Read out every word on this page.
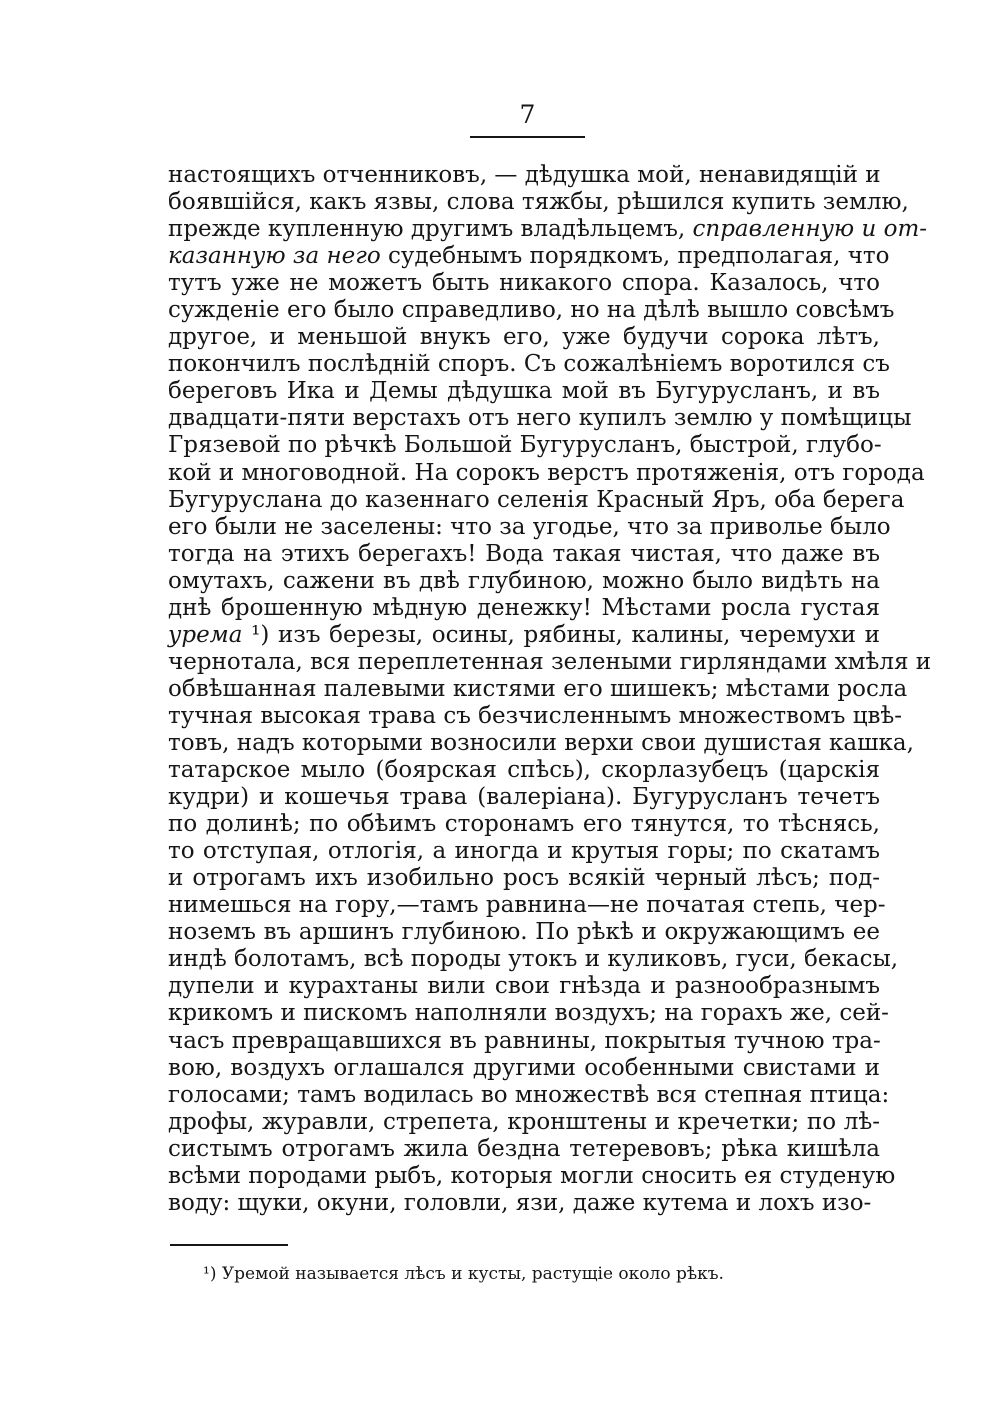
7
настоящихъ отченниковъ, — дѣдушка мой, ненавидящій и
боявшійся, какъ язвы, слова тяжбы, рѣшился купить землю,
прежде купленную другимъ владѣльцемъ, справленную и от-
казанную за него судебнымъ порядкомъ, предполагая, что
тутъ уже не можетъ быть никакого спора. Казалось, что
сужденіе его было справедливо, но на дѣлѣ вышло совсѣмъ
другое, и меньшой внукъ его, уже будучи сорока лѣтъ,
покончилъ послѣдній споръ. Съ сожалѣніемъ воротился съ
береговъ Ика и Демы дѣдушка мой въ Бугурусланъ, и въ
двадцати-пяти верстахъ отъ него купилъ землю у помѣщицы
Грязевой по рѣчкѣ Большой Бугурусланъ, быстрой, глубо-
кой и многоводной. На сорокъ верстъ протяженія, отъ города
Бугуруслана до казеннаго селенія Красный Яръ, оба берега
его были не заселены: что за угодье, что за приволье было
тогда на этихъ берегахъ! Вода такая чистая, что даже въ
омутахъ, сажени въ двѣ глубиною, можно было видѣть на
днѣ брошенную мѣдную денежку! Мѣстами росла густая
урема ¹) изъ березы, осины, рябины, калины, черемухи и
чернотала, вся переплетенная зелеными гирляндами хмѣля и
обвѣшанная палевыми кистями его шишекъ; мѣстами росла
тучная высокая трава съ безчисленнымъ множествомъ цвѣ-
товъ, надъ которыми возносили верхи свои душистая кашка,
татарское мыло (боярская спѣсь), скорлазубецъ (царскія
кудри) и кошечья трава (валеріана). Бугурусланъ течетъ
по долинѣ; по обѣимъ сторонамъ его тянутся, то тѣснясь,
то отступая, отлогія, а иногда и крутыя горы; по скатамъ
и отрогамъ ихъ изобильно росъ всякій черный лѣсъ; под-
нимешься на гору,—тамъ равнина—не початая степь, чер-
ноземъ въ аршинъ глубиною. По рѣкѣ и окружающимъ ее
индѣ болотамъ, всѣ породы утокъ и куликовъ, гуси, бекасы,
дупели и курахтаны вили свои гнѣзда и разнообразнымъ
крикомъ и пискомъ наполняли воздухъ; на горахъ же, сей-
часъ превращавшихся въ равнины, покрытыя тучною тра-
вою, воздухъ оглашался другими особенными свистами и
голосами; тамъ водилась во множествѣ вся степная птица:
дрофы, журавли, стрепета, кронштены и кречетки; по лѣ-
систымъ отрогамъ жила бездна тетеревовъ; рѣка кишѣла
всѣми породами рыбъ, которыя могли сносить ея студеную
воду: щуки, окуни, головли, язи, даже кутема и лохъ изо-
¹) Уремой называется лѣсъ и кусты, растущіе около рѣкъ.
